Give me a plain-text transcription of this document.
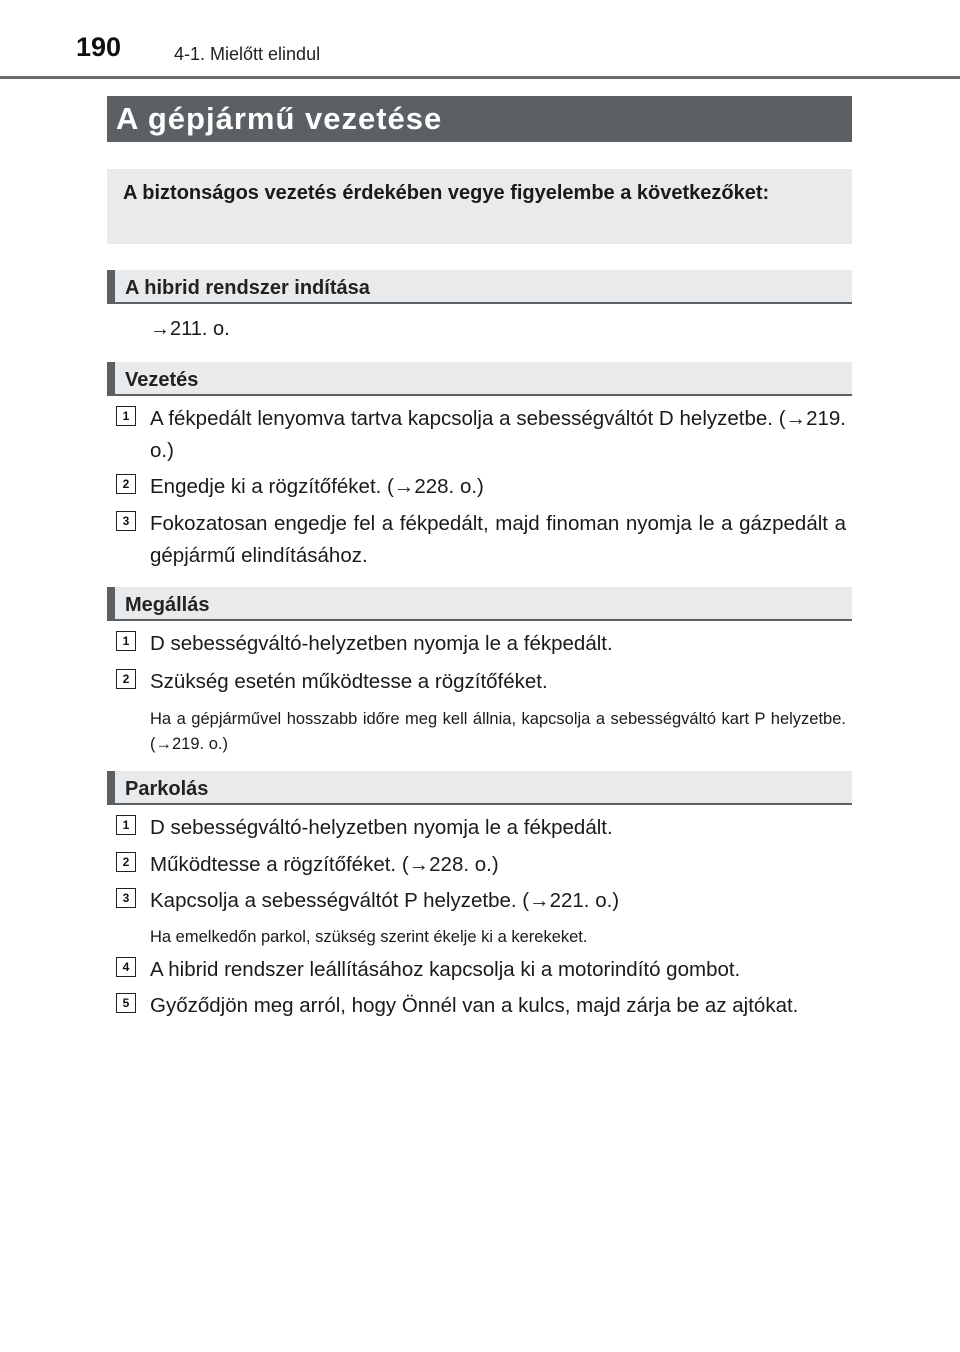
190	4-1. Mielőtt elindul
A gépjármű vezetése

A biztonságos vezetés érdekében vegye figyelembe a következőket:

A hibrid rendszer indítása
→211. o.
Vezetés
1	A fékpedált lenyomva tartva kapcsolja a sebességváltót D helyzetbe. (→219. o.)
2	Engedje ki a rögzítőféket. (→228. o.)
3	Fokozatosan engedje fel a fékpedált, majd finoman nyomja le a gázpedált a gépjármű elindításához.
Megállás
1	D sebességváltó-helyzetben nyomja le a fékpedált.
2	Szükség esetén működtesse a rögzítőféket.
Ha a gépjárművel hosszabb időre meg kell állnia, kapcsolja a sebességváltó kart P helyzetbe. (→219. o.)
Parkolás
1	D sebességváltó-helyzetben nyomja le a fékpedált.
2	Működtesse a rögzítőféket. (→228. o.)
3	Kapcsolja a sebességváltót P helyzetbe. (→221. o.)
Ha emelkedőn parkol, szükség szerint ékelje ki a kerekeket.
4	A hibrid rendszer leállításához kapcsolja ki a motorindító gombot.
5	Győződjön meg arról, hogy Önnél van a kulcs, majd zárja be az ajtókat.
